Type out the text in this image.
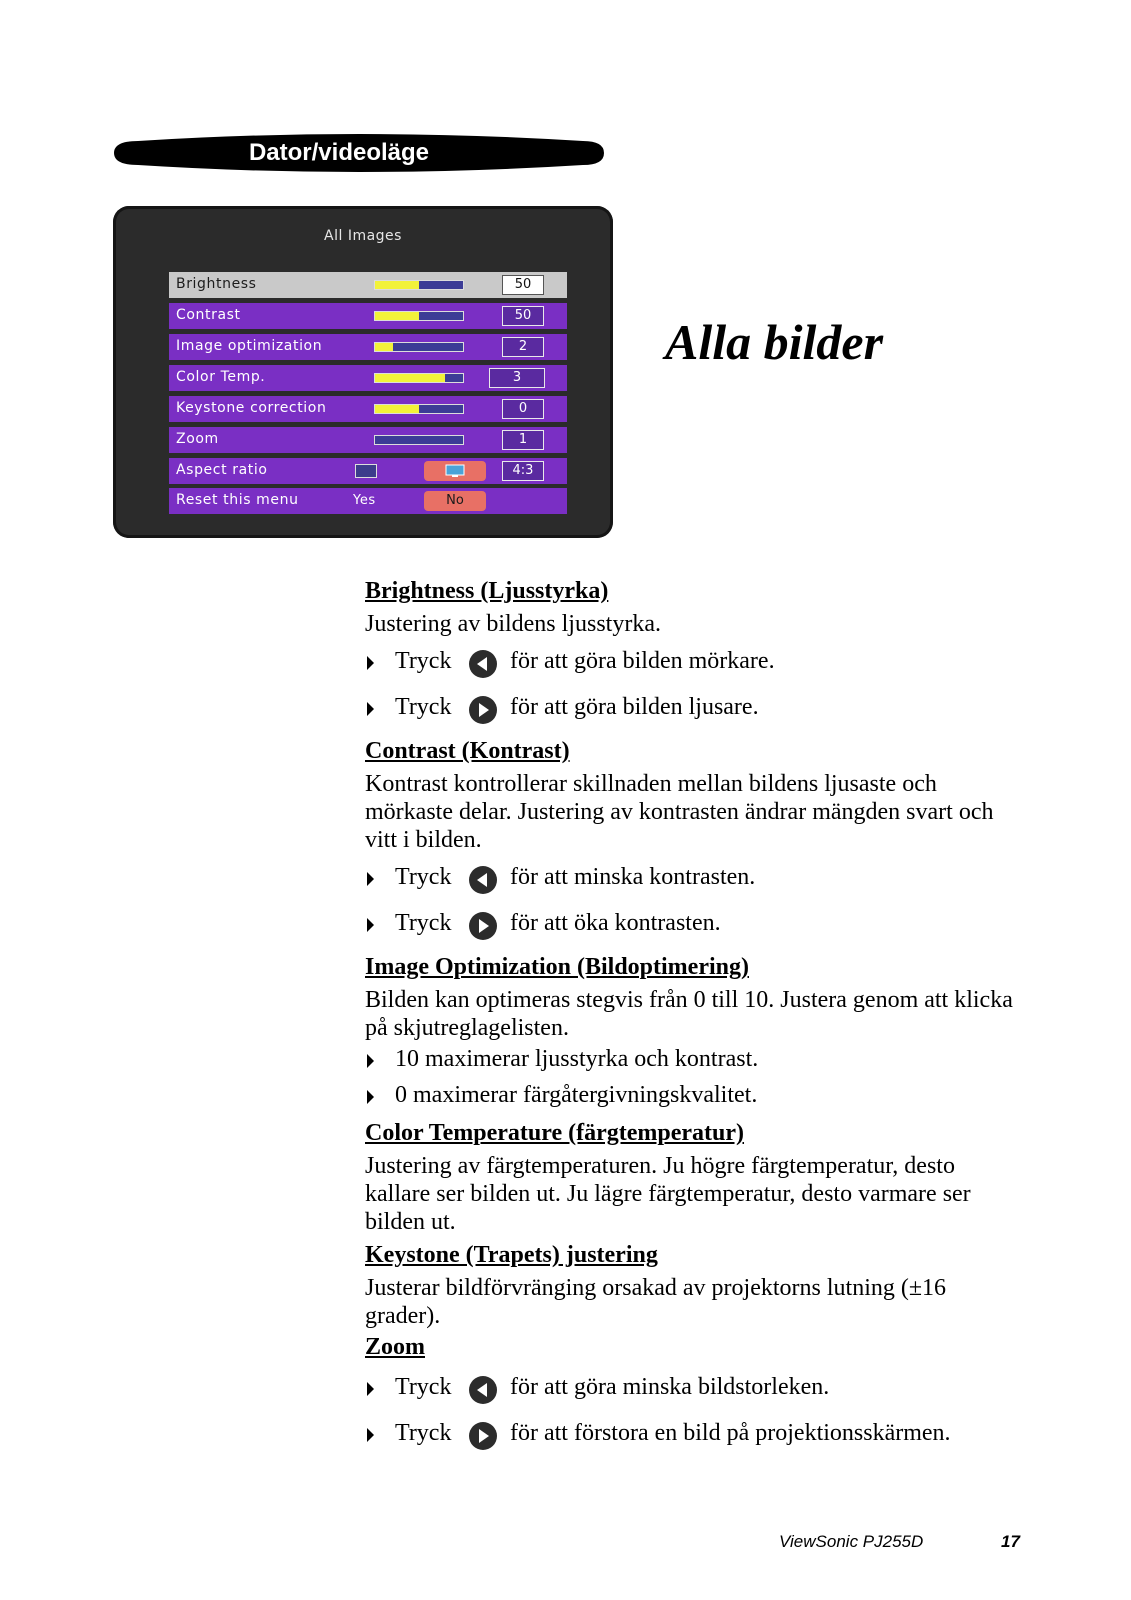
Dator/videoläge
All Images
Brightness	50
Contrast	50
Image optimization	2
Color Temp.	3
Keystone correction	0
Zoom	1
Aspect ratio	4:3
Reset this menu	Yes	No
Alla bilder
Brightness (Ljusstyrka)
Justering av bildens ljusstyrka.
Tryck för att göra bilden mörkare.
Tryck för att göra bilden ljusare.
Contrast (Kontrast)
Kontrast kontrollerar skillnaden mellan bildens ljusaste och mörkaste delar. Justering av kontrasten ändrar mängden svart och vitt i bilden.
Tryck för att minska kontrasten.
Tryck för att öka kontrasten.
Image Optimization (Bildoptimering)
Bilden kan optimeras stegvis från 0 till 10. Justera genom att klicka på skjutreglagelisten.
10 maximerar ljusstyrka och kontrast.
0 maximerar färgåtergivningskvalitet.
Color Temperature (färgtemperatur)
Justering av färgtemperaturen. Ju högre färgtemperatur, desto kallare ser bilden ut. Ju lägre färgtemperatur, desto varmare ser bilden ut.
Keystone (Trapets) justering
Justerar bildförvränging orsakad av projektorns lutning (±16 grader).
Zoom
Tryck för att göra minska bildstorleken.
Tryck för att förstora en bild på projektionsskärmen.
ViewSonic PJ255D	17
